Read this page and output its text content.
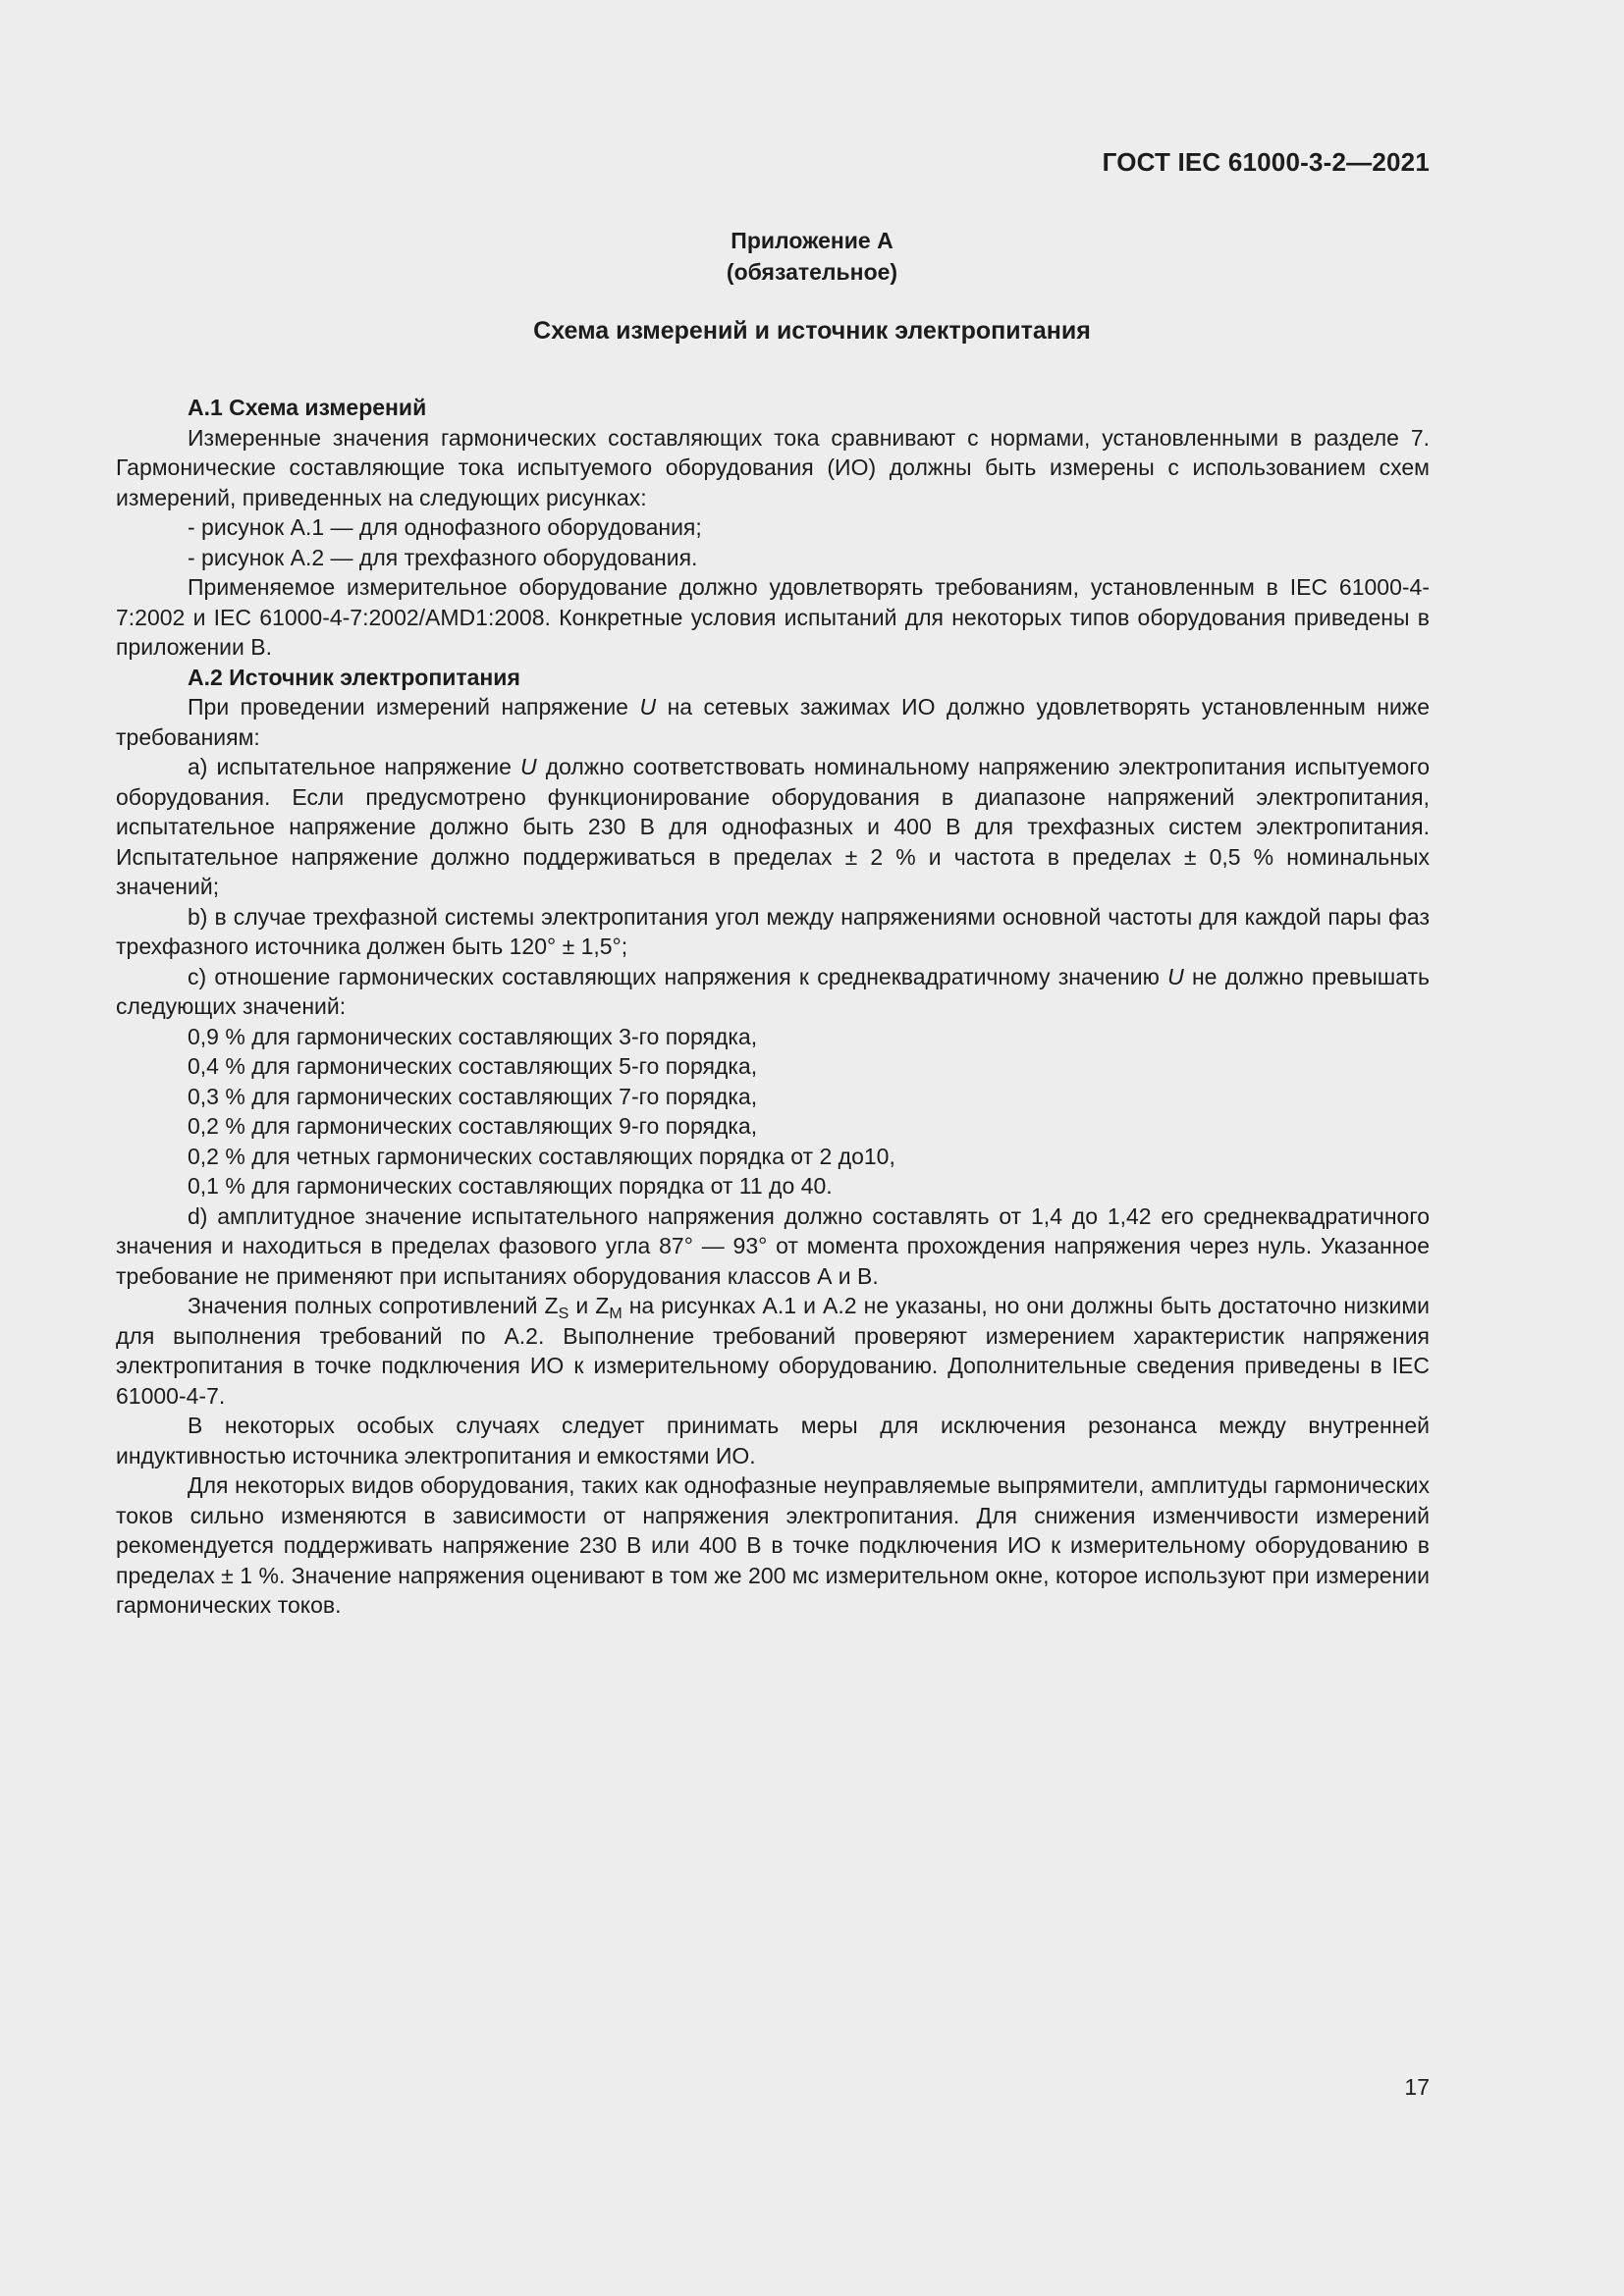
ГОСТ IEC 61000-3-2—2021
Приложение А
(обязательное)
Схема измерений и источник электропитания

А.1 Схема измерений

Измеренные значения гармонических составляющих тока сравнивают с нормами, установленными в разделе 7. Гармонические составляющие тока испытуемого оборудования (ИО) должны быть измерены с использованием схем измерений, приведенных на следующих рисунках:

- рисунок А.1 — для однофазного оборудования;

- рисунок А.2 — для трехфазного оборудования.

Применяемое измерительное оборудование должно удовлетворять требованиям, установленным в IEC 61000-4-7:2002 и IEC 61000-4-7:2002/AMD1:2008. Конкретные условия испытаний для некоторых типов оборудования приведены в приложении В.

А.2 Источник электропитания

При проведении измерений напряжение U на сетевых зажимах ИО должно удовлетворять установленным ниже требованиям:

a) испытательное напряжение U должно соответствовать номинальному напряжению электропитания испытуемого оборудования. Если предусмотрено функционирование оборудования в диапазоне напряжений электропитания, испытательное напряжение должно быть 230 В для однофазных и 400 В для трехфазных систем электропитания. Испытательное напряжение должно поддерживаться в пределах ± 2 % и частота в пределах ± 0,5 % номинальных значений;

b) в случае трехфазной системы электропитания угол между напряжениями основной частоты для каждой пары фаз трехфазного источника должен быть 120° ± 1,5°;

c) отношение гармонических составляющих напряжения к среднеквадратичному значению U не должно превышать следующих значений:

0,9 % для гармонических составляющих 3-го порядка,

0,4 % для гармонических составляющих 5-го порядка,

0,3 % для гармонических составляющих 7-го порядка,

0,2 % для гармонических составляющих 9-го порядка,

0,2 % для четных гармонических составляющих порядка от 2 до10,

0,1 % для гармонических составляющих порядка от 11 до 40.

d) амплитудное значение испытательного напряжения должно составлять от 1,4 до 1,42 его среднеквадратичного значения и находиться в пределах фазового угла 87° — 93° от момента прохождения напряжения через нуль. Указанное требование не применяют при испытаниях оборудования классов А и В.

Значения полных сопротивлений $Z_S$ и $Z_M$ на рисунках А.1 и А.2 не указаны, но они должны быть достаточно низкими для выполнения требований по А.2. Выполнение требований проверяют измерением характеристик напряжения электропитания в точке подключения ИО к измерительному оборудованию. Дополнительные сведения приведены в IEC 61000-4-7.

В некоторых особых случаях следует принимать меры для исключения резонанса между внутренней индуктивностью источника электропитания и емкостями ИО.

Для некоторых видов оборудования, таких как однофазные неуправляемые выпрямители, амплитуды гармонических токов сильно изменяются в зависимости от напряжения электропитания. Для снижения изменчивости измерений рекомендуется поддерживать напряжение 230 В или 400 В в точке подключения ИО к измерительному оборудованию в пределах ± 1 %. Значение напряжения оценивают в том же 200 мс измерительном окне, которое используют при измерении гармонических токов.

17
